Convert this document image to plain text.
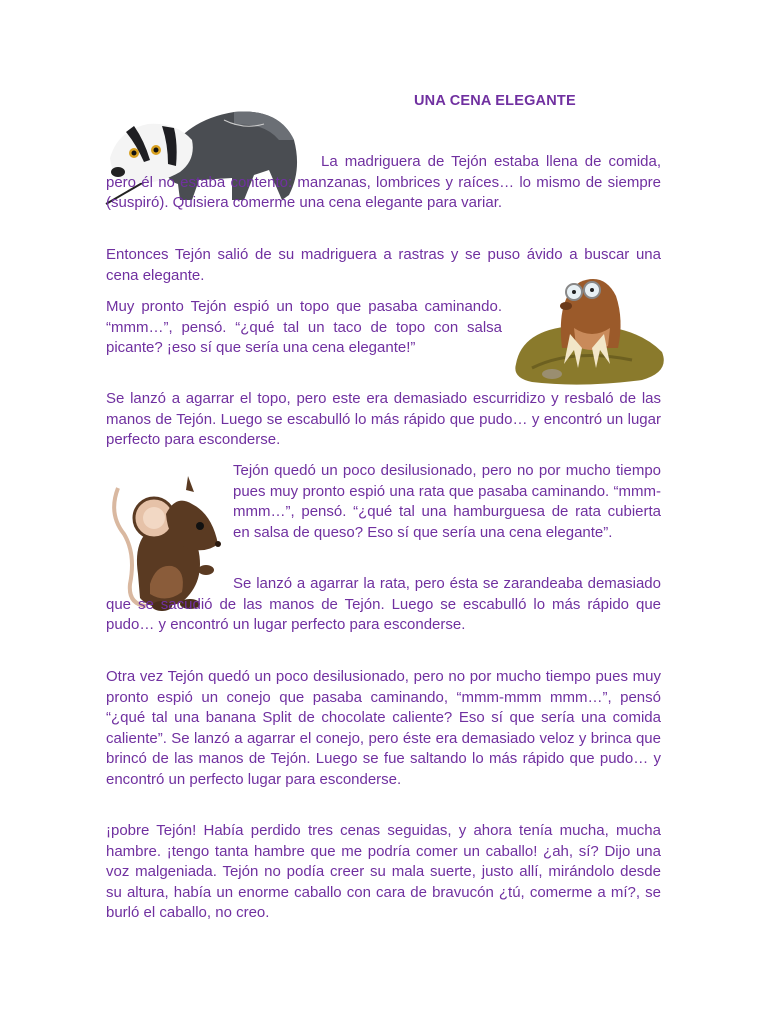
UNA CENA ELEGANTE

La madriguera de Tejón estaba llena de comida, pero él no estaba contento: manzanas, lombrices y raíces… lo mismo de siempre (suspiró). Quisiera comerme una cena elegante para variar.

Entonces Tejón salió de su madriguera a rastras y se puso ávido a buscar una cena elegante.

Muy pronto Tejón espió un topo que pasaba caminando. “mmm…”, pensó. “¿qué tal un taco de topo con salsa picante? ¡eso sí que sería una cena elegante!”

Se lanzó a agarrar el topo, pero este era demasiado escurridizo y resbaló de las manos de Tejón. Luego se escabulló lo más rápido que pudo… y encontró un lugar perfecto para esconderse.

Tejón quedó un poco desilusionado, pero no por mucho tiempo pues muy pronto espió una rata que pasaba caminando. “mmm-mmm…”, pensó. “¿qué tal una hamburguesa de rata cubierta en salsa de queso? Eso sí que sería una cena elegante”.

Se lanzó a agarrar la rata, pero ésta se zarandeaba demasiado que se sacudió de las manos de Tejón. Luego se escabulló lo más rápido que pudo… y encontró un lugar perfecto para esconderse.

Otra vez Tejón quedó un poco desilusionado, pero no por mucho tiempo pues muy pronto espió un conejo que pasaba caminando, “mmm-mmm mmm…”, pensó “¿qué tal una banana Split de chocolate caliente? Eso sí que sería una comida caliente”. Se lanzó a agarrar el conejo, pero éste era demasiado veloz y brinca que brincó de las manos de Tejón. Luego se fue saltando lo más rápido que pudo… y encontró un perfecto lugar para esconderse.

¡pobre Tejón! Había perdido tres cenas seguidas, y ahora tenía mucha, mucha hambre. ¡tengo tanta hambre que me podría comer un caballo! ¿ah, sí? Dijo una voz malgeniada. Tejón no podía creer su mala suerte, justo allí, mirándolo desde su altura, había un enorme caballo con cara de bravucón ¿tú, comerme a mí?, se burló el caballo, no creo.
